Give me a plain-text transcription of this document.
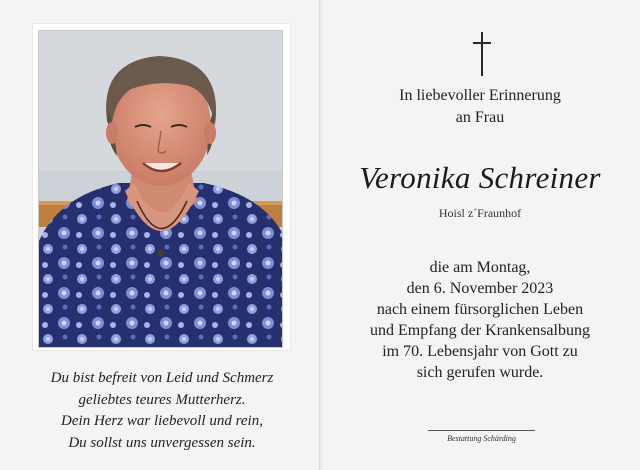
Du bist befreit von Leid und Schmerz
geliebtes teures Mutterherz.
Dein Herz war liebevoll und rein,
Du sollst uns unvergessen sein.
In liebevoller Erinnerung
an Frau
Veronika Schreiner
Hoisl z´Fraunhof
die am Montag,
den 6. November 2023
nach einem fürsorglichen Leben
und Empfang der Krankensalbung
im 70. Lebensjahr von Gott zu
sich gerufen wurde.
Bestattung Schärding
